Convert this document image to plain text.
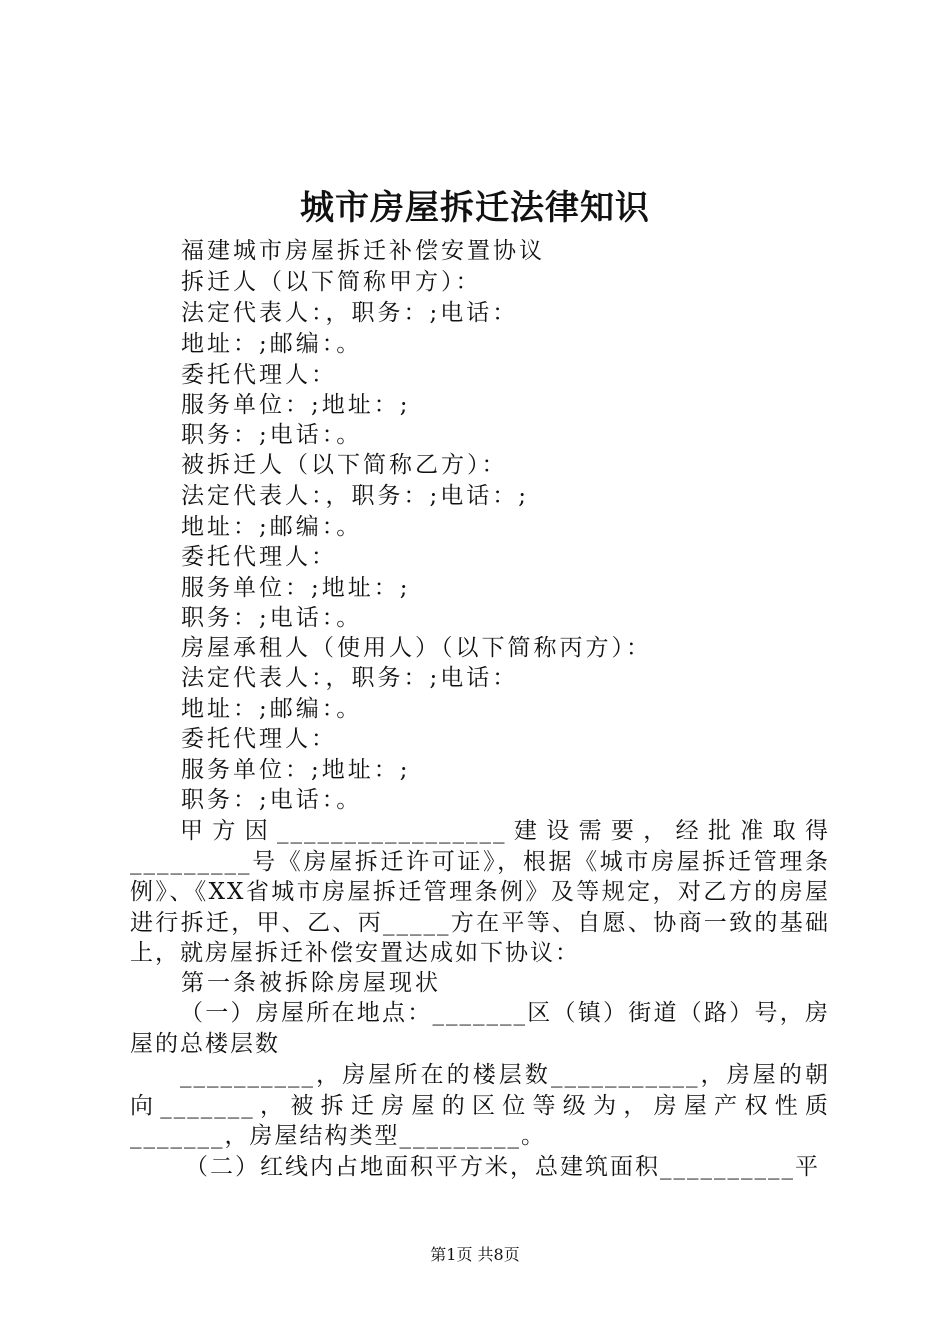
城市房屋拆迁法律知识
福建城市房屋拆迁补偿安置协议
拆迁人（以下简称甲方）：
法定代表人：，职务：;电话：
地址：;邮编：。
委托代理人：
服务单位：;地址：;
职务：;电话：。
被拆迁人（以下简称乙方）：
法定代表人：，职务：;电话：;
地址：;邮编：。
委托代理人：
服务单位：;地址：;
职务：;电话：。
房屋承租人（使用人）（以下简称丙方）：
法定代表人：，职务：;电话：
地址：;邮编：。
委托代理人：
服务单位：;地址：;
职务：;电话：。
甲方因_________________建设需要，经批准取得_________号《房屋拆迁许可证》，根据《城市房屋拆迁管理条例》、《XX省城市房屋拆迁管理条例》及等规定，对乙方的房屋进行拆迁，甲、乙、丙_____方在平等、自愿、协商一致的基础上，就房屋拆迁补偿安置达成如下协议：
第一条被拆除房屋现状
（一）房屋所在地点：_______区（镇）街道（路）号，房屋的总楼层数
__________，房屋所在的楼层数___________，房屋的朝向_______，被拆迁房屋的区位等级为，房屋产权性质_______，房屋结构类型_________。
（二）红线内占地面积平方米，总建筑面积__________平
第1页 共8页
